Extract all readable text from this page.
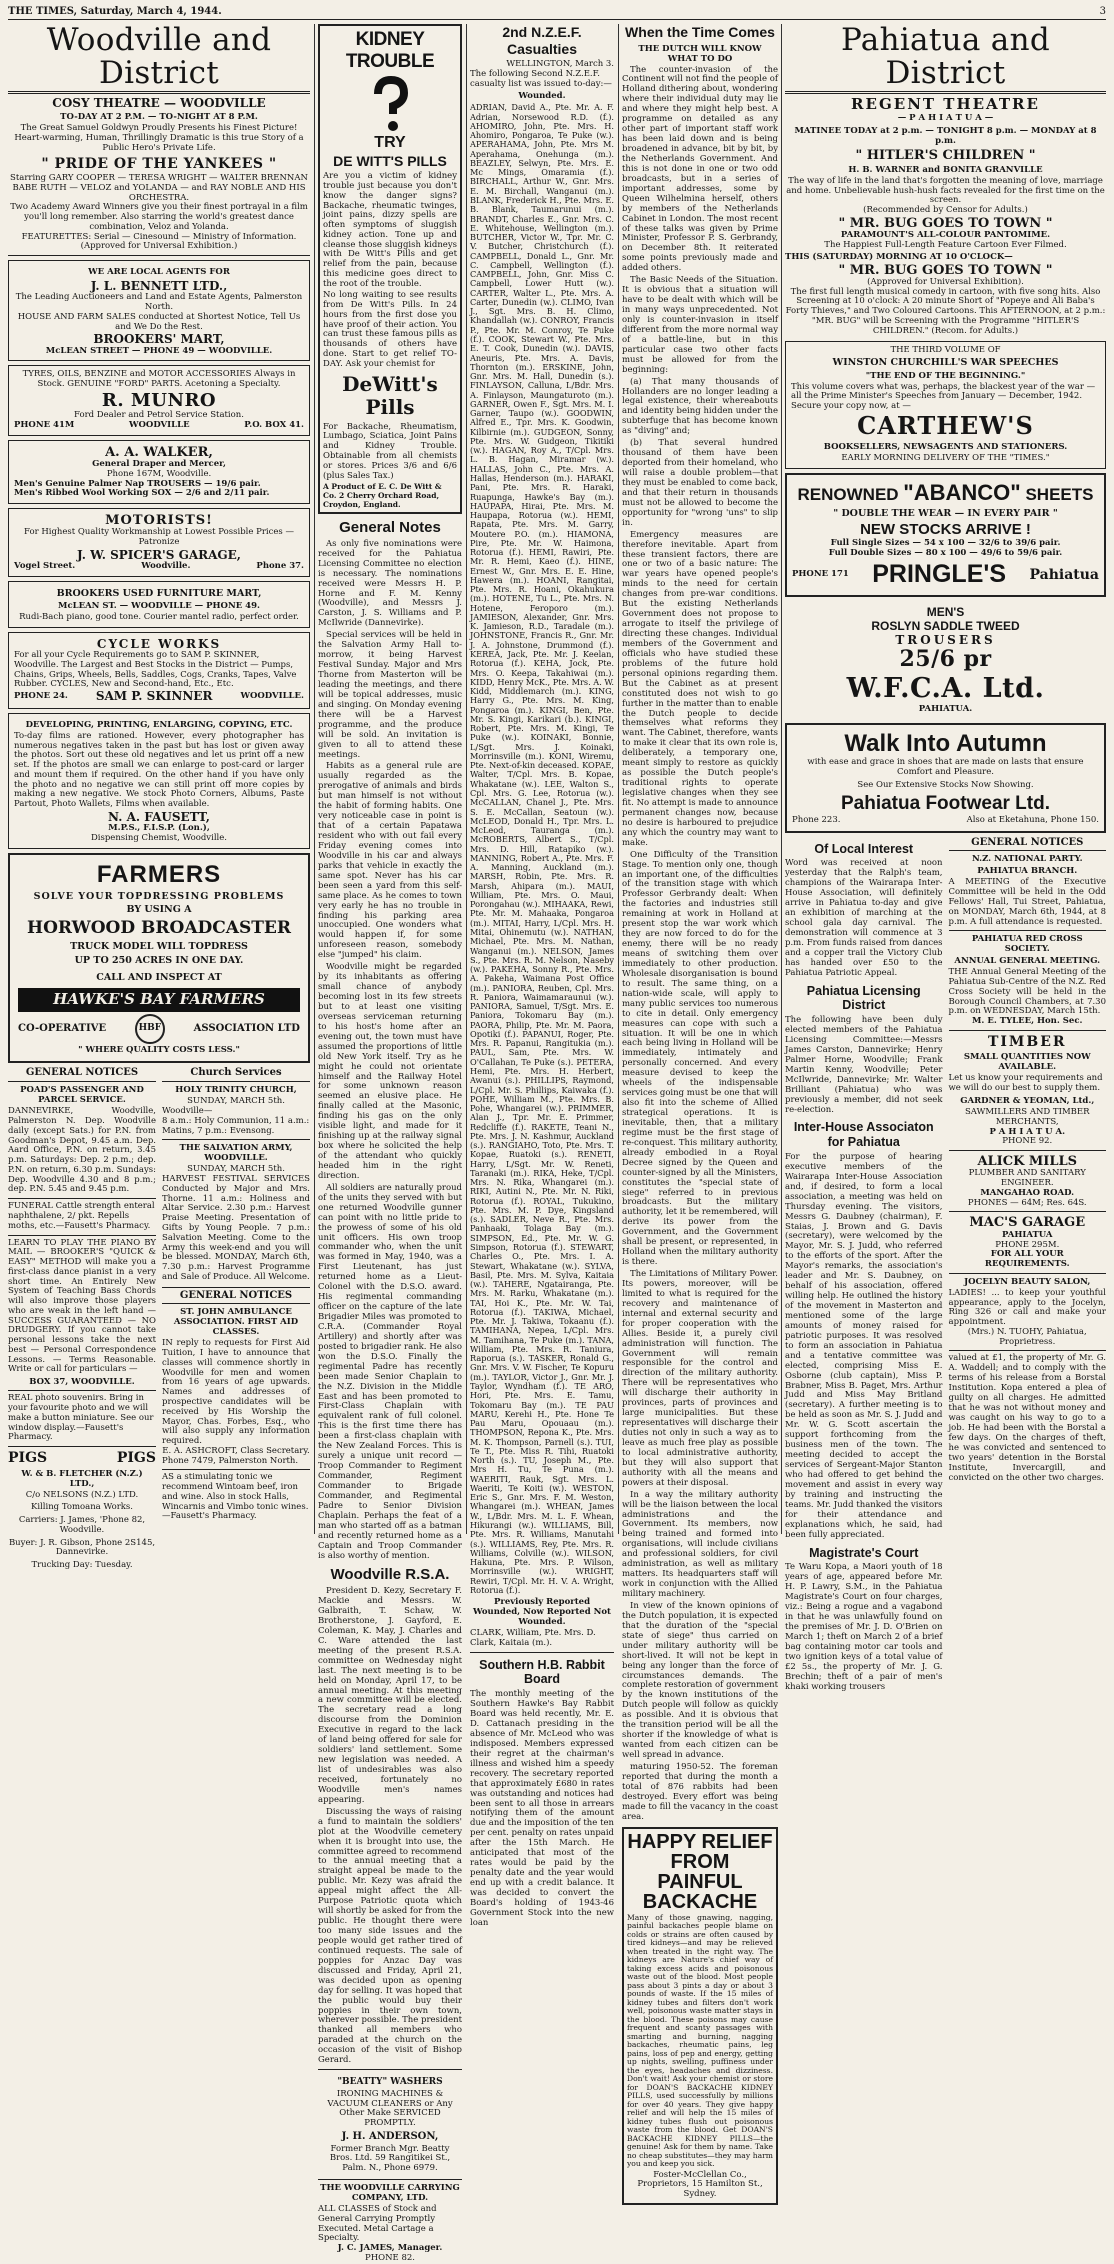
THE TIMES, Saturday, March 4, 1944.	3
Woodville and District
COSY THEATRE — WOODVILLE
TO-DAY AT 2 P.M. — TO-NIGHT AT 8 P.M.
The Great Samuel Goldwyn Proudly Presents his Finest Picture! Heart-warming, Human, Thrillingly Dramatic is this true Story of a Public Hero's Private Life.
" PRIDE OF THE YANKEES "
Starring GARY COOPER — TERESA WRIGHT — WALTER BRENNAN BABE RUTH — VELOZ and YOLANDA — and RAY NOBLE AND HIS ORCHESTRA.
Two Academy Award Winners give you their finest portrayal in a film you'll long remember. Also starring the world's greatest dance combination, Veloz and Yolanda.
FEATURETTES: Serial — Cinesound — Ministry of Information.
(Approved for Universal Exhibition.)
WE ARE LOCAL AGENTS FOR
J. L. BENNETT LTD.,
The Leading Auctioneers and Land and Estate Agents, Palmerston North.
HOUSE AND FARM SALES conducted at Shortest Notice, Tell Us and We Do the Rest.
BROOKERS' MART,
McLEAN STREET — PHONE 49 — WOODVILLE.
TYRES, OILS, BENZINE and MOTOR ACCESSORIES Always in Stock. GENUINE "FORD" PARTS. Acetoning a Specialty.
R. MUNRO
Ford Dealer and Petrol Service Station.
PHONE 41M	WOODVILLE	P.O. BOX 41.
A. A. WALKER,
General Draper and Mercer,
Phone 167M, Woodville.
Men's Genuine Palmer Nap TROUSERS — 19/6 pair.
Men's Ribbed Wool Working SOX — 2/6 and 2/11 pair.
MOTORISTS!
For Highest Quality Workmanship at Lowest Possible Prices — Patronize
J. W. SPICER'S GARAGE,
Vogel Street.	Woodville.	Phone 37.
BROOKERS USED FURNITURE MART,
McLEAN ST. — WOODVILLE — PHONE 49.
Rudi-Bach piano, good tone. Courier mantel radio, perfect order.
CYCLE WORKS
For all your Cycle Requirements go to SAM P. SKINNER, Woodville. The Largest and Best Stocks in the District — Pumps, Chains, Grips, Wheels, Bells, Saddles, Cogs, Cranks, Tapes, Valve Rubber. CYCLES, New and Second-hand, Etc., Etc.
PHONE 24. SAM P. SKINNER	WOODVILLE.
DEVELOPING, PRINTING, ENLARGING, COPYING, ETC.
To-day films are rationed. However, every photographer has numerous negatives taken in the past but has lost or given away the photos. Sort out these old negatives and let us print off a new set. If the photos are small we can enlarge to post-card or larger and mount them if required. On the other hand if you have only the photo and no negative we can still print off more copies by making a new negative. We stock Photo Corners, Albums, Paste Partout, Photo Wallets, Films when available.
N. A. FAUSETT,
M.P.S., F.I.S.P. (Lon.),
Dispensing Chemist, Woodville.
FARMERS
SOLVE YOUR TOPDRESSING PROBLEMS
BY USING A
HORWOOD BROADCASTER
TRUCK MODEL WILL TOPDRESS
UP TO 250 ACRES IN ONE DAY.
CALL AND INSPECT AT
HAWKE'S BAY FARMERS
CO-OPERATIVE	HBF	ASSOCIATION LTD
" WHERE QUALITY COSTS LESS."
GENERAL NOTICES
POAD'S PASSENGER AND PARCEL SERVICE.
DANNEVIRKE, Woodville, Palmerston N. Dep. Woodville daily (except Sats.) for P.N. from Goodman's Depot, 9.45 a.m. Dep. Aard Office, P.N. on return, 3.45 p.m. Saturdays: Dep. 2 p.m.; dep. P.N. on return, 6.30 p.m. Sundays: Dep. Woodville 4.30 and 8 p.m.; dep. P.N. 5.45 and 9.45 p.m.
FUNERAL Cattle strength enteral naphthalene, 2/ pkt. Repells moths, etc.—Fausett's Pharmacy.
LEARN TO PLAY THE PIANO BY MAIL — BROOKER'S "QUICK & EASY" METHOD will make you a first-class dance pianist in a very short time. An Entirely New System of Teaching Bass Chords will also improve those players who are weak in the left hand — SUCCESS GUARANTEED — NO DRUDGERY. If you cannot take personal lessons take the next best — Personal Correspondence Lessons. — Terms Reasonable. Write or call for particulars —
BOX 37, WOODVILLE.
REAL photo souvenirs. Bring in your favourite photo and we will make a button miniature. See our window display.—Fausett's Pharmacy.
PIGS	PIGS
W. & B. FLETCHER (N.Z.) LTD.,
C/o NELSONS (N.Z.) LTD.
Killing Tomoana Works.
Carriers: J. James, 'Phone 82, Woodville.
Buyer: J. R. Gibson, Phone 2S145, Dannevirke.
Trucking Day: Tuesday.
Church Services
HOLY TRINITY CHURCH,
SUNDAY, MARCH 5th.
Woodville—
8 a.m.: Holy Communion, 11 a.m.: Matins, 7 p.m.: Evensong.
THE SALVATION ARMY, WOODVILLE.
SUNDAY, MARCH 5th.
HARVEST FESTIVAL SERVICES Conducted by Major and Mrs. Thorne. 11 a.m.: Holiness and Altar Service. 2.30 p.m.: Harvest Praise Meeting. Presentation of Gifts by Young People. 7 p.m.: Salvation Meeting. Come to the Army this week-end and you will be blessed. MONDAY, March 6th, 7.30 p.m.: Harvest Programme and Sale of Produce. All Welcome.
GENERAL NOTICES
ST. JOHN AMBULANCE ASSOCIATION. FIRST AID CLASSES.
IN reply to requests for First Aid Tuition, I have to announce that classes will commence shortly in Woodville for men and women from 16 years of age upwards. Names and addresses of prospective candidates will be received by His Worship the Mayor, Chas. Forbes, Esq., who will also supply any information required.
E. A. ASHCROFT, Class Secretary.
Phone 7479, Palmerston North.
AS a stimulating tonic we recommend Wintoam beef, iron and wine. Also in stock Halls, Wincarnis and Vimbo tonic wines.—Fausett's Pharmacy.
KIDNEY TROUBLE
TRY
DE WITT'S PILLS
Are you a victim of kidney trouble just because you don't know the danger signs? Backache, rheumatic twinges, joint pains, dizzy spells are often symptoms of sluggish kidney action. Tone up and cleanse those sluggish kidneys with De Witt's Pills and get relief from the pain, because this medicine goes direct to the root of the trouble.
No long waiting to see results from De Witt's Pills. In 24 hours from the first dose you have proof of their action. You can trust these famous pills as thousands of others have done. Start to get relief TO-DAY. Ask your chemist for
DeWitt's Pills
For Backache, Rheumatism, Lumbago, Sciatica, Joint Pains and Kidney Trouble. Obtainable from all chemists or stores. Prices 3/6 and 6/6 (plus Sales Tax.)
A Product of E. C. De Witt & Co. 2 Cherry Orchard Road, Croydon, England.
General Notes

As only five nominations were received for the Pahiatua Licensing Committee no election is necessary. The nominations received were Messrs H. P. Horne and F. M. Kenny (Woodville), and Messrs J. Carston, J. S. Williams and P. McIlwride (Dannevirke).

Special services will be held in the Salvation Army Hall to-morrow, it being Harvest Festival Sunday. Major and Mrs Thorne from Masterton will be leading the meetings, and there will be topical addresses, music and singing. On Monday evening there will be a Harvest programme, and the produce will be sold. An invitation is given to all to attend these meetings.

Habits as a general rule are usually regarded as the prerogative of animals and birds but man himself is not without the habit of forming habits. One very noticeable case in point is that of a certain Papatawa resident who with out fail every Friday evening comes into Woodville in his car and always parks that vehicle in exactly the same spot. Never has his car been seen a yard from this self-same place. As he comes to town very early he has no trouble in finding his parking area unoccupied. One wonders what would happen if, for some unforeseen reason, somebody else "jumped" his claim.

Woodville might be regarded by its inhabitants as offering small chance of anybody becoming lost in its few streets but to at least one visiting overseas serviceman returning to his host's home after an evening out, the town must have assumed the proportions of little old New York itself. Try as he might he could not orientate himself and the Railway Hotel for some unknown reason seemed an elusive place. He finally called at the Masonic, finding his gas on the only visible light, and made for it finishing up at the railway signal box where he solicited the help of the attendant who quickly headed him in the right direction.

All soldiers are naturally proud of the units they served with but one returned Woodville gunner can point with no little pride to the prowess of some of his old unit officers. His own troop commander who, when the unit was formed in May, 1940, was a First Lieutenant, has just returned home as a Lieut-Colonel with the D.S.O. award. His regimental commanding officer on the capture of the late Brigadier Miles was promoted to C.R.A. (Commander Royal Artillery) and shortly after was posted to brigadier rank. He also won the D.S.O. Finally the regimental Padre has recently been made Senior Chaplain to the N.Z. Division in the Middle East and has been promoted to First-Class Chaplain with equivalent rank of full colonel. This is the first time there has been a first-class chaplain with the New Zealand Forces. This is surely a unique unit record — Troop Commander to Regiment Commander, Regiment Commander to Brigade Commander, and Regimental Padre to Senior Division Chaplain. Perhaps the feat of a man who started off as a batman and recently returned home as a Captain and Troop Commander is also worthy of mention.

Woodville R.S.A.

President D. Kezy, Secretary F. Mackie and Messrs. W. Galbraith, T. Schaw, W. Brotherstone, J. Gayford, E. Coleman, K. May, J. Charles and C. Ware attended the last meeting of the present R.S.A. committee on Wednesday night last. The next meeting is to be held on Monday, April 17, to be annual meeting. At this meeting a new committee will be elected. The secretary read a long discourse from the Dominion Executive in regard to the lack of land being offered for sale for soldiers' land settlement. Some new legislation was needed. A list of undesirables was also received, fortunately no Woodville men's names appearing.

Discussing the ways of raising a fund to maintain the soldiers' plot at the Woodville cemetery when it is brought into use, the committee agreed to recommend to the annual meeting that a straight appeal be made to the public. Mr. Kezy was afraid the appeal might affect the All-Purpose Patriotic quota which will shortly be asked for from the public. He thought there were too many side issues and the people would get rather tired of continued requests. The sale of poppies for Anzac Day was discussed and Friday, April 21, was decided upon as opening day for selling. It was hoped that the public would buy their poppies in their own town, wherever possible. The president thanked all members who paraded at the church on the occasion of the visit of Bishop Gerard.

"BEATTY" WASHERS
IRONING MACHINES & VACUUM CLEANERS or Any Other Make SERVICED PROMPTLY.
J. H. ANDERSON,
Former Branch Mgr. Beatty Bros. Ltd. 59 Rangitikei St., Palm. N., Phone 6979.
THE WOODVILLE CARRYING COMPANY, LTD.
ALL CLASSES of Stock and General Carrying Promptly Executed. Metal Cartage a Specialty.
J. C. JAMES, Manager.
PHONE 82.
2nd N.Z.E.F. Casualties
WELLINGTON, March 3.
The following Second N.Z.E.F. casualty list was issued to-day:—
Wounded.
ADRIAN, David A., Pte. Mr. A. F. Adrian, Norsewood R.D. (f.). AHOMIRO, John, Pte. Mrs. H. Ahomiro, Pongaroa, Te Puke (w.). APERAHAMA, John, Pte. Mrs M. Aperahama, Onehunga (m.). BEAZLEY, Selwyn, Pte. Mrs. E. Mc Mings, Omaramia (f.). BIRCHALL, Arthur W., Gnr. Mrs. E. M. Birchall, Wanganui (m.). BLANK, Frederick H., Pte. Mrs. E. B. Blank, Taumarunui (m.). BRANDT, Charles E., Gnr. Mrs. C. E. Whitehouse, Wellington (m.). BUTCHER, Victor W., Tpr. Mr. C. V. Butcher, Christchurch (f.). CAMPBELL, Donald L., Gnr. Mr. C. Campbell, Wellington (f.). CAMPBELL, John, Gnr. Miss C. Campbell, Lower Hutt (w.). CARTER, Walter L., Pte. Mrs. A. Carter, Dunedin (w.). CLIMO, Ivan J., Sgt. Mrs. B. H. Climo, Khandallah (w.). CONROY, Francis P., Pte. Mr. M. Conroy, Te Puke (f.). COOK, Stewart W., Pte. Mrs. E. T. Cook, Dunedin (w.). DAVIS, Aneuris, Pte. Mrs. A. Davis, Thornton (m.). ERSKINE, John, Gnr. Mrs. M. Hall, Dunedin (s.). FINLAYSON, Calluna, L/Bdr. Mrs. A. Finlayson, Maungaturoto (m.). GARNER, Owen F., Sgt. Mrs. M. I. Garner, Taupo (w.). GOODWIN, Alfred E., Tpr. Mrs. K. Goodwin, Kilbirnie (m.). GUDGEON, Sonny, Pte. Mrs. W. Gudgeon, Tikitiki (w.). HAGAN, Roy A., T/Cpl. Mrs. L. B. Hagan, Miramar (w.). HALLAS, John C., Pte. Mrs. A. Hallas, Henderson (m.). HARAKI, Pani, Pte. Mrs. R. Haraki, Ruapunga, Hawke's Bay (m.). HAUPAPA, Hirai, Pte. Mrs. M. Haupapa, Rotorua (w.). HEMI, Rapata, Pte. Mrs. M. Garry, Moutere P.O. (m.). HIAMONA, Pire, Pte. Mr. W. Haimona, Rotorua (f.). HEMI, Rawiri, Pte. Mr. R. Hemi, Kaeo (f.). HINE, Ernest W., Gnr. Mrs. E. E. Hine, Hawera (m.). HOANI, Rangitai, Pte. Mrs. R. Hoani, Okahukura (m.). HOTENE, Tu L., Pte. Mrs. N. Hotene, Feroporo (m.). JAMIESON, Alexander, Gnr. Mrs. K. Jamieson, R.D., Taradale (m.). JOHNSTONE, Francis R., Gnr. Mr. J. A. Johnstone, Drummond (f.). KEREA, Jack, Pte. Mr. J. Keelan, Rotorua (f.). KEHA, Jock, Pte. Mrs. O. Keepa, Takahiwai (m.). KIDD, Henry McK., Pte. Mrs. A. W. Kidd, Middlemarch (m.). KING, Harry G., Pte. Mrs. M. King, Pongaroa (m.). KINGI, Ben, Pte. Mr. S. Kingi, Karikari (b.). KINGI, Robert, Pte. Mrs. M. Kingi, Te Puke (w.). KOINAKI, Bonnie, L/Sgt. Mrs. J. Koinaki, Morrinsville (m.). KONI, Wiremu, Pte. Next-of-kin deceased. KOPAE, Walter, T/Cpl. Mrs. B. Kopae, Whakatane (w.). LEE, Walton S., Cpl. Mrs. G. Lee, Rotorua (w.). McCALLAN, Chanel J., Pte. Mrs. S. E. McCallan, Seatoun (w.). McLEOD, Donald H., Tpr. Mrs. L. McLeod, Tauranga (m.). McROBERTS, Albert S., T/Cpl. Mrs. D. Hill, Ratapiko (w.). MANNING, Robert A., Pte. Mrs. F. A. Manning, Auckland (m.). MARSH, Robin, Pte. Mrs. R. Marsh, Ahipara (m.). MAUI, William, Pte. Mrs. O. Maui, Porongahau (w.). MIHAAKA, Rewi, Pte. Mr. M. Mahaaka, Pongaroa (m.). MITAI, Harry, L/Cpl. Mrs. H. Mitai, Ohinemutu (w.). NATHAN, Michael, Pte. Mrs. M. Nathan, Wanganui (m.). NELSON, James S., Pte. Mrs. R. M. Nelson, Naseby (w.). PAKEHA, Sonny R., Pte. Mrs. A. Pakeha, Waimana Post Office (m.). PANIORA, Reuben, Cpl. Mrs. R. Paniora, Waimamaraunui (w.). PANIORA, Samuel, T/Sgt. Mrs. E. Paniora, Tokomaru Bay (m.). PAORA, Philip, Pte. Mr. M. Paora, Opotiki (f.). PAPANUI, Roger, Pte. Mrs. R. Papanui, Rangitukia (m.). PAUL, Sam, Pte. Mrs. W. O'Callahan, Te Puke (s.). PETERA, Hemi, Pte. Mrs. H. Herbert, Awanui (s.). PHILLIPS, Raymond, L/Cpl. Mr. S. Phillips, Kaiwaka (f.). POHE, William M., Pte. Mrs. B. Pohe, Whangarei (w.). PRIMMER, Alan J., Tpr. Mr. E. Primmer, Redcliffe (f.). RAKETE, Teani N., Pte. Mrs. J. N. Kashmur, Auckland (s.). RANGIAHO, Toto, Pte. Mrs. T. Kopae, Ruatoki (s.). RENETI, Harry, L/Sgt. Mr. W. Reneti, Taranaki (m.). RIKA, Heke, T/Cpl. Mrs. N. Rika, Whangarei (m.). RIKI, Autini N., Pte. Mr. N. Riki, Rotorua (f.). ROYAL, Tukukino, Pte. Mrs. M. P. Dye, Kingsland (s.). SADLER, Neve R., Pte. Mrs. Panhaaki, Tolaga Bay (m.). SIMPSON, Ed., Pte. Mr. W. G. Simpson, Rotorua (f.). STEWART, Charles O., Pte. Mrs. I. A. Stewart, Whakatane (w.). SYLVA, Basil, Pte. Mrs. M. Sylva, Kaitaia (w.). TAHERE, Ngatairanga, Pte. Mrs. M. Rarku, Whakatane (m.). TAI, Hoi K., Pte. Mr. W. Tai, Rotorua (f.). TAKIWA, Michael, Pte. Mr. J. Takiwa, Tokaanu (f.). TAMIHANA, Nepea, L/Cpl. Mrs. M. Tamihana, Te Puke (m.). TANA, William, Pte. Mrs. R. Taniura, Raporua (s.). TASKER, Ronald G., Gnr. Mrs. V. W. Fischer, Te Kopuru (m.). TAYLOR, Victor J., Gnr. Mr. J. Taylor, Wyndham (f.). TE ARO, Hori, Pte. Mrs. E. Tamu, Tokomaru Bay (m.). TE PAU MARU, Kerehi H., Pte. Hone Te Pau Maru, Opouaau (m.). THOMPSON, Repona K., Pte. Mrs. M. K. Thompson, Parnell (s.). TUI, Te T., Pte. Miss R. Tihi, Ruatoki North (s.). TU, Joseph M., Pte. Mrs H. Tu, Te Puna (m.). WAERITI, Rauk, Sgt. Mrs. L. Waeriti, Te Koiti (w.). WESTON, Eric S., Gnr. Mrs. F. M. Weston, Whangarei (m.). WHEAN, James W., L/Bdr. Mrs. M. L. F. Whean, Hikurangi (w.). WILLIAMS, Bill, Pte. Mrs. R. Williams, Manutahi (s.). WILLIAMS, Rey, Pte. Mrs. R. Williams, Colville (w.). WILSON, Hakuna, Pte. Mrs. P. Wilson, Morrinsville (w.). WRIGHT, Rewiri, T/Cpl. Mr. H. V. A. Wright, Rotorua (f.).
Previously Reported Wounded, Now Reported Not Wounded.
CLARK, William, Pte. Mrs. D. Clark, Kaitaia (m.).
Southern H.B. Rabbit Board
The monthly meeting of the Southern Hawke's Bay Rabbit Board was held recently, Mr. E. D. Cattanach presiding in the absence of Mr. McLeod who was indisposed. Members expressed their regret at the chairman's illness and wished him a speedy recovery. The secretary reported that approximately £680 in rates was outstanding and notices had been sent to all those in arrears notifying them of the amount due and the imposition of the ten per cent. penalty on rates unpaid after the 15th March. He anticipated that most of the rates would be paid by the penalty date and the year would end up with a credit balance. It was decided to convert the Board's holding of 1943-46 Government Stock into the new loan
When the Time Comes
THE DUTCH WILL KNOW WHAT TO DO

The counter-invasion of the Continent will not find the people of Holland dithering about, wondering where their individual duty may lie and where they might help best. A programme on detailed as any other part of important staff work has been laid down and is being broadened in advance, bit by bit, by the Netherlands Government. And this is not done in one or two odd broadcasts, but in a series of important addresses, some by Queen Wilhelmina herself, others by members of the Netherlands Cabinet in London. The most recent of these talks was given by Prime Minister, Professor P. S. Gerbrandy, on December 8th. It reiterated some points previously made and added others.

The Basic Needs of the Situation. It is obvious that a situation will have to be dealt with which will be in many ways unprecedented. Not only is counter-invasion in itself different from the more normal way of a battle-line, but in this particular case two other facts must be allowed for from the beginning:

(a) That many thousands of Hollanders are no longer leading a legal existence, their whereabouts and identity being hidden under the subterfuge that has become known as "diving" and;

(b) That several hundred thousand of them have been deported from their homeland, who will raise a double problem—that they must be enabled to come back, and that their return in thousands must not be allowed to become the opportunity for "wrong 'uns" to slip in.

Emergency measures are therefore inevitable. Apart from these transient factors, there are one or two of a basic nature: The war years have opened people's minds to the need for certain changes from pre-war conditions. But the existing Netherlands Government does not propose to arrogate to itself the privilege of directing these changes. Individual members of the Government and officials who have studied these problems of the future hold personal opinions regarding them. But the Cabinet as at present constituted does not wish to go further in the matter than to enable the Dutch people to decide themselves what reforms they want. The Cabinet, therefore, wants to make it clear that its own role is, deliberately, a temporary one, meant simply to restore as quickly as possible the Dutch people's traditional rights to operate legislative changes when they see fit. No attempt is made to announce permanent changes now, because no desire is harboured to prejudice any which the country may want to make.

One Difficulty of the Transition Stage. To mention only one, though an important one, of the difficulties of the transition stage with which Professor Gerbrandy dealt: When the factories and industries still remaining at work in Holland at present stop the war work which they are now forced to do for the enemy, there will be no ready means of switching them over immediately to other production. Wholesale disorganisation is bound to result. The same thing, on a nation-wide scale, will apply to many public services too numerous to cite in detail. Only emergency measures can cope with such a situation. It will be one in which each being living in Holland will be immediately, intimately and personally concerned. And every measure devised to keep the wheels of the indispensable services going must be one that will also fit into the scheme of Allied strategical operations. It is inevitable, then, that a military regime must be the first stage of re-conquest. This military authority, already embodied in a Royal Decree signed by the Queen and counter-signed by all the Ministers, constitutes the "special state of siege" referred to in previous broadcasts. But the military authority, let it be remembered, will derive its power from the Government, and the Government shall be present, or represented, in Holland when the military authority is there.

The Limitations of Military Power. Its powers, moreover, will be limited to what is required for the recovery and maintenance of internal and external security and for proper cooperation with the Allies. Beside it, a purely civil administration will function. The Government will remain responsible for the control and direction of the military authority. There will be representatives who will discharge their authority in provinces, parts of provinces and large municipalities. But these representatives will discharge their duties not only in such a way as to leave as much free play as possible to local administrative authority, but they will also support that authority with all the means and powers at their disposal.

In a way the military authority will be the liaison between the local administrations and the Government. Its members, now being trained and formed into organisations, will include civilians and professional soldiers, for civil administration, as well as military matters. Its headquarters staff will work in conjunction with the Allied military machinery.

In view of the known opinions of the Dutch population, it is expected that the duration of the "special state of siege" thus carried on under military authority will be short-lived. It will not be kept in being any longer than the force of circumstances demands. The complete restoration of government by the known institutions of the Dutch people will follow as quickly as possible. And it is obvious that the transition period will be all the shorter if the knowledge of what is wanted from each citizen can be well spread in advance.

maturing 1950-52. The foreman reported that during the month a total of 876 rabbits had been destroyed. Every effort was being made to fill the vacancy in the coast area.

HAPPY RELIEF FROM PAINFUL BACKACHE
Many of those gnawing, nagging, painful backaches people blame on colds or strains are often caused by tired kidneys—and may be relieved when treated in the right way. The kidneys are Nature's chief way of taking excess acids and poisonous waste out of the blood. Most people pass about 3 pints a day or about 3 pounds of waste. If the 15 miles of kidney tubes and filters don't work well, poisonous waste matter stays in the blood. These poisons may cause frequent and scanty passages with smarting and burning, nagging backaches, rheumatic pains, leg pains, loss of pep and energy, getting up nights, swelling, puffiness under the eyes, headaches and dizziness. Don't wait! Ask your chemist or store for DOAN'S BACKACHE KIDNEY PILLS, used successfully by millions for over 40 years. They give happy relief and will help the 15 miles of kidney tubes flush out poisonous waste from the blood. Get DOAN'S BACKACHE KIDNEY PILLS—the genuine! Ask for them by name. Take no cheap substitutes—they may harm you and keep you sick.
Foster-McClellan Co., Proprietors, 15 Hamilton St., Sydney.
Pahiatua and District
REGENT THEATRE
— P A H I A T U A —
MATINEE TODAY at 2 p.m. — TONIGHT 8 p.m. — MONDAY at 8 p.m.
" HITLER'S CHILDREN "
H. B. WARNER and BONITA GRANVILLE
The way of life in the land that's forgotten the meaning of love, marriage and home. Unbelievable hush-hush facts revealed for the first time on the screen.
(Recommended by Censor for Adults.)
" MR. BUG GOES TO TOWN "
PARAMOUNT'S ALL-COLOUR PANTOMIME.
The Happiest Full-Length Feature Cartoon Ever Filmed.
THIS (SATURDAY) MORNING AT 10 O'CLOCK—
" MR. BUG GOES TO TOWN "
(Approved for Universal Exhibition).
The first full length musical comedy in cartoon, with five song hits. Also Screening at 10 o'clock: A 20 minute Short of "Popeye and Ali Baba's Forty Thieves," and Two Coloured Cartoons. This AFTERNOON, at 2 p.m.: "MR. BUG" will be Screening with the Programme "HITLER'S CHILDREN." (Recom. for Adults.)
THE THIRD VOLUME OF
WINSTON CHURCHILL'S WAR SPEECHES
"THE END OF THE BEGINNING."
This volume covers what was, perhaps, the blackest year of the war — all the Prime Minister's Speeches from January — December, 1942. Secure your copy now, at —
CARTHEW'S
BOOKSELLERS, NEWSAGENTS AND STATIONERS.
EARLY MORNING DELIVERY OF THE "TIMES."
RENOWNED "ABANCO" SHEETS
" DOUBLE THE WEAR — IN EVERY PAIR "
NEW STOCKS ARRIVE !
Full Single Sizes — 54 x 100 — 32/6 to 39/6 pair.
Full Double Sizes — 80 x 100 — 49/6 to 59/6 pair.
PHONE 171 PRINGLE'S Pahiatua
MEN'S
ROSLYN SADDLE TWEED
TROUSERS
25/6 pr
W.F.C.A. Ltd.
PAHIATUA.
Walk Into Autumn
with ease and grace in shoes that are made on lasts that ensure Comfort and Pleasure.
See Our Extensive Stocks Now Showing.
Pahiatua Footwear Ltd.
Phone 223.	Also at Eketahuna, Phone 150.
Of Local Interest
Word was received at noon yesterday that the Ralph's team, champions of the Wairarapa Inter-House Association, will definitely arrive in Pahiatua to-day and give an exhibition of marching at the school gala day carnival. The demonstration will commence at 3 p.m. From funds raised from dances and a copper trail the Victory Club has handed over £50 to the Pahiatua Patriotic Appeal.
Pahiatua Licensing District
The following have been duly elected members of the Pahiatua Licensing Committee:—Messrs James Carston, Dannevirke; Henry Palmer Horne, Woodville; Frank Martin Kenny, Woodville; Peter McIlwride, Dannevirke; Mr. Walter Brilliant (Pahiatua) who was previously a member, did not seek re-election.
Inter-House Associaton for Pahiatua
For the purpose of hearing executive members of the Wairarapa Inter-House Association and, if desired, to form a local association, a meeting was held on Thursday evening. The visitors, Messrs G. Daubney (chairman), F. Staias, J. Brown and G. Davis (secretary), were welcomed by the Mayor, Mr. S. J. Judd, who referred to the efforts of the sport. After the Mayor's remarks, the association's leader and Mr. S. Daubney, on behalf of his association, offered willing help. He outlined the history of the movement in Masterton and mentioned some of the large amounts of money raised for patriotic purposes. It was resolved to form an association in Pahiatua and a tentative committee was elected, comprising Miss E. Osborne (club captain), Miss P. Brabner, Miss B. Paget, Mrs. Arthur Judd and Miss May Britland (secretary). A further meeting is to be held as soon as Mr. S. J. Judd and Mr. W. G. Scott ascertain the support forthcoming from the business men of the town. The meeting decided to accept the services of Sergeant-Major Stanton who had offered to get behind the movement and assist in every way by training and instructing the teams. Mr. Judd thanked the visitors for their attendance and explanations which, he said, had been fully appreciated.
Magistrate's Court
Te Waru Kopa, a Maori youth of 18 years of age, appeared before Mr. H. P. Lawry, S.M., in the Pahiatua Magistrate's Court on four charges, viz.: Being a rogue and a vagabond in that he was unlawfully found on the premises of Mr. J. D. O'Brien on March 1; theft on March 2 of a brief bag containing motor car tools and two ignition keys of a total value of £2 5s., the property of Mr. J. G. Brechin; theft of a pair of men's khaki working trousers
GENERAL NOTICES
N.Z. NATIONAL PARTY.
PAHIATUA BRANCH.
A MEETING of the Executive Committee will be held in the Odd Fellows' Hall, Tui Street, Pahiatua, on MONDAY, March 6th, 1944, at 8 p.m. A full attendance is requested.
PAHIATUA RED CROSS SOCIETY.
ANNUAL GENERAL MEETING.
THE Annual General Meeting of the Pahiatua Sub-Centre of the N.Z. Red Cross Society will be held in the Borough Council Chambers, at 7.30 p.m. on WEDNESDAY, March 15th.
M. E. TYLEE, Hon. Sec.
TIMBER
SMALL QUANTITIES NOW AVAILABLE.
Let us know your requirements and we will do our best to supply them.
GARDNER & YEOMAN, Ltd.,
SAWMILLERS AND TIMBER MERCHANTS,
P A H I A T U A.
PHONE 92.
ALICK MILLS
PLUMBER AND SANITARY ENGINEER.
MANGAHAO ROAD.
PHONES — 64M; Res. 64S.
MAC'S GARAGE
PAHIATUA
PHONE 295M.
FOR ALL YOUR REQUIREMENTS.
JOCELYN BEAUTY SALON,
LADIES! ... to keep your youthful appearance, apply to the Jocelyn, Ring 326 or call and make your appointment.
(Mrs.) N. TUOHY, Pahiatua, Proprietress.
valued at £1, the property of Mr. G. A. Waddell; and to comply with the terms of his release from a Borstal Institution. Kopa entered a plea of guilty on all charges. He admitted that he was not without money and was caught on his way to go to a job. He had been with the Borstal a few days. On the charges of theft, he was convicted and sentenced to two years' detention in the Borstal Institute, Invercargill, and convicted on the other two charges.
